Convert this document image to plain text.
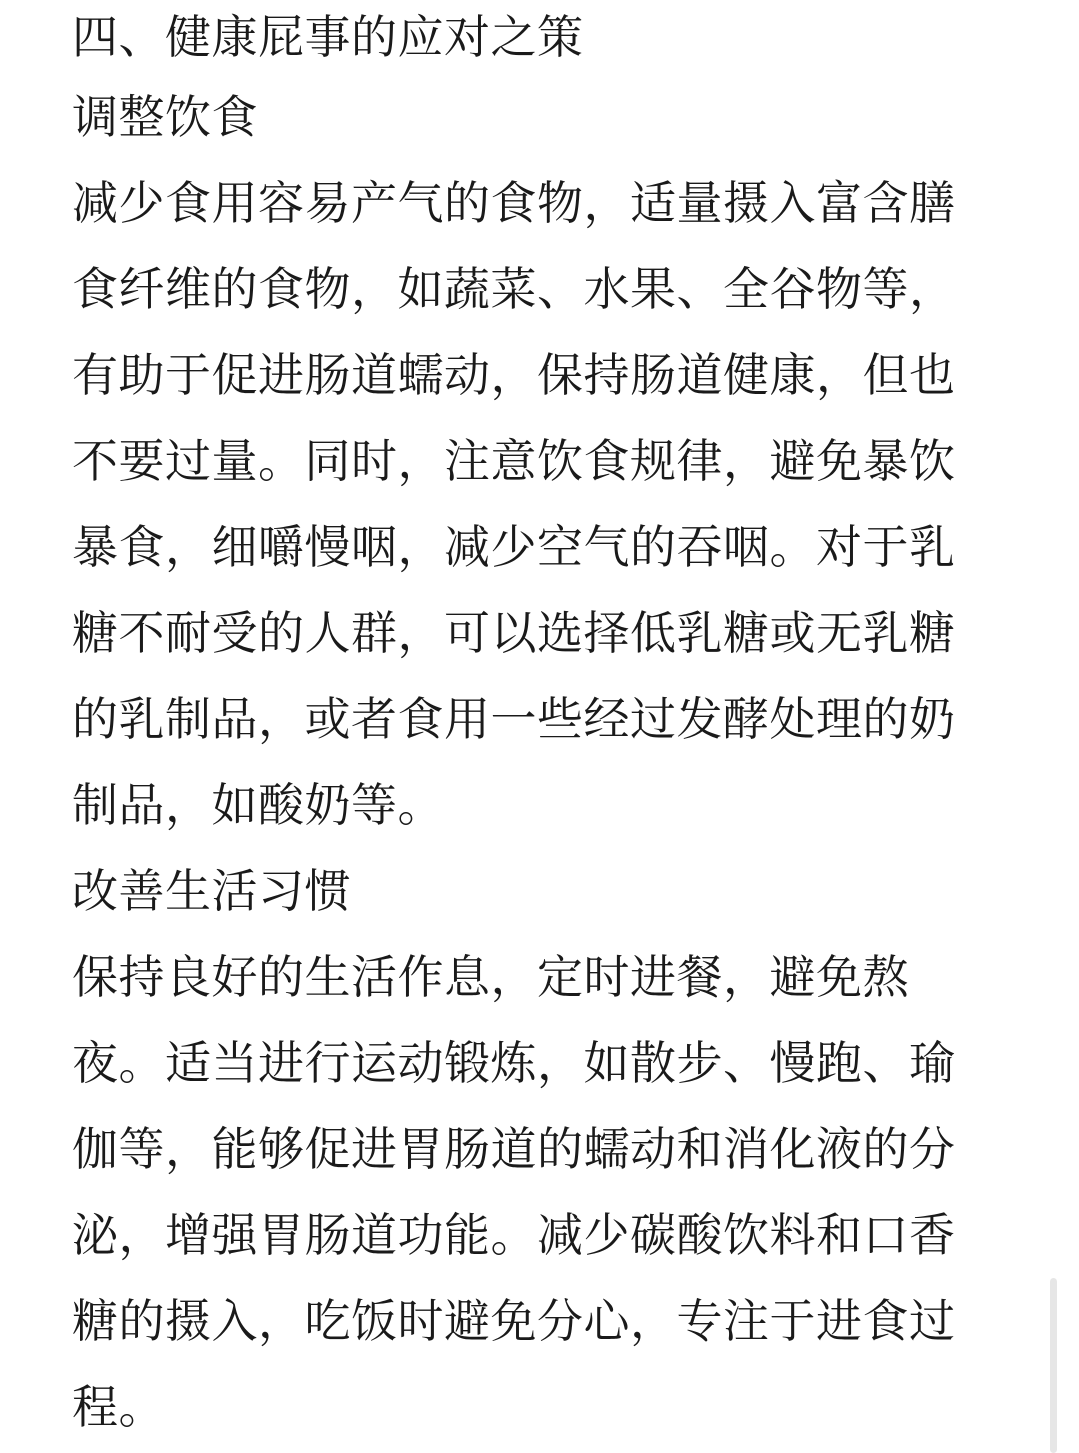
四、健康屁事的应对之策
调整饮食
减少食用容易产气的食物，适量摄入富含膳
食纤维的食物，如蔬菜、水果、全谷物等，
有助于促进肠道蠕动，保持肠道健康，但也
不要过量。同时，注意饮食规律，避免暴饮
暴食，细嚼慢咽，减少空气的吞咽。对于乳
糖不耐受的人群，可以选择低乳糖或无乳糖
的乳制品，或者食用一些经过发酵处理的奶
制品，如酸奶等。
改善生活习惯
保持良好的生活作息，定时进餐，避免熬
夜。适当进行运动锻炼，如散步、慢跑、瑜
伽等，能够促进胃肠道的蠕动和消化液的分
泌，增强胃肠道功能。减少碳酸饮料和口香
糖的摄入，吃饭时避免分心，专注于进食过
程。
